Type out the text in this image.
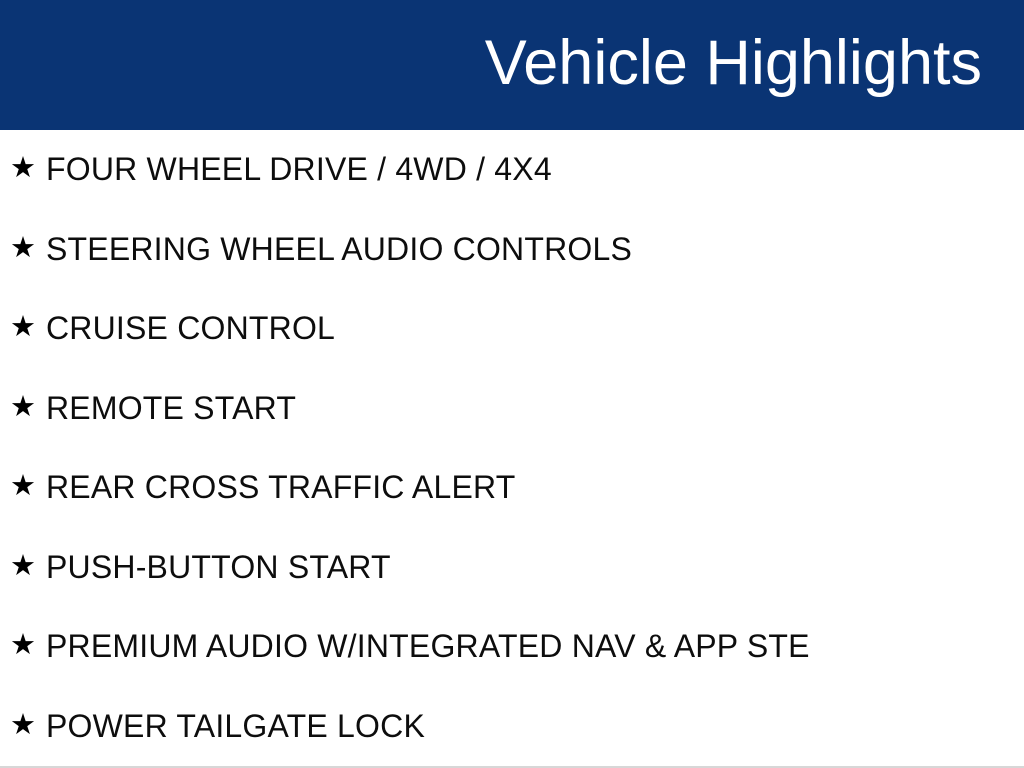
Vehicle Highlights
★ FOUR WHEEL DRIVE / 4WD / 4X4
★ STEERING WHEEL AUDIO CONTROLS
★ CRUISE CONTROL
★ REMOTE START
★ REAR CROSS TRAFFIC ALERT
★ PUSH-BUTTON START
★ PREMIUM AUDIO W/INTEGRATED NAV & APP STE
★ POWER TAILGATE LOCK
